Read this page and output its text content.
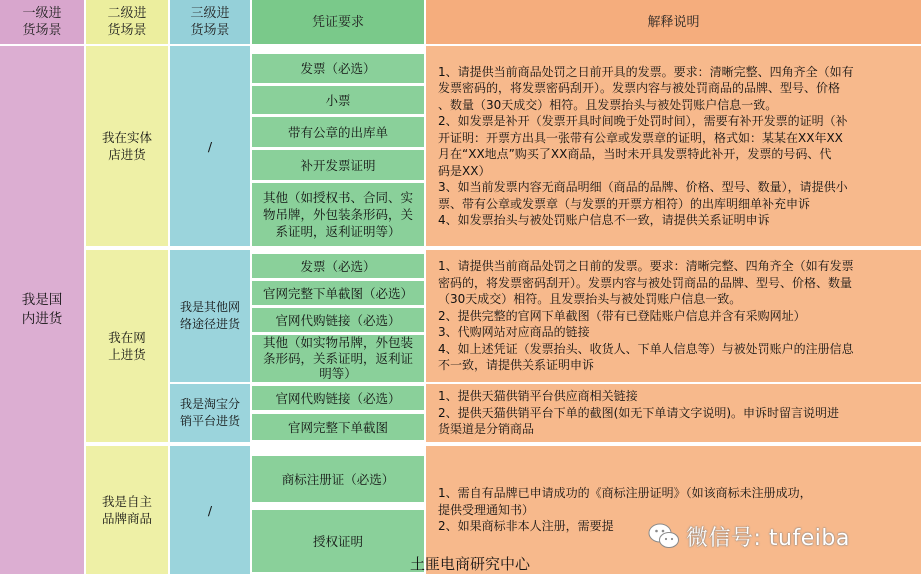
一级进
货场景
二级进
货场景
三级进
货场景
凭证要求	解释说明
我是国
内进货
我在实体
店进货
/
发票（必选）
小票
带有公章的出库单
补开发票证明
其他（如授权书、合同、实
物吊牌，外包装条形码，关
系证明，返利证明等）
1、请提供当前商品处罚之日前开具的发票。要求：清晰完整、四角齐全（如有
发票密码的，将发票密码刮开）。发票内容与被处罚商品的品牌、型号、价格
、数量（30天成交）相符。且发票抬头与被处罚账户信息一致。
2、如发票是补开（发票开具时间晚于处罚时间），需要有补开发票的证明（补
开证明：开票方出具一张带有公章或发票章的证明，格式如：某某在XX年XX
月在“XX地点”购买了XX商品，当时未开具发票特此补开，发票的号码、代
码是XX）
3、如当前发票内容无商品明细（商品的品牌、价格、型号、数量），请提供小
票、带有公章或发票章（与发票的开票方相符）的出库明细单补充申诉
4、如发票抬头与被处罚账户信息不一致，请提供关系证明申诉
我在网
上进货
我是其他网
络途径进货
我是淘宝分
销平台进货
发票（必选）
官网完整下单截图（必选）
官网代购链接（必选）
其他（如实物吊牌，外包装
条形码，关系证明，返利证
明等）
官网代购链接（必选）
官网完整下单截图
1、请提供当前商品处罚之日前的发票。要求：清晰完整、四角齐全（如有发票
密码的，将发票密码刮开）。发票内容与被处罚商品的品牌、型号、价格、数量
（30天成交）相符。且发票抬头与被处罚账户信息一致。
2、提供完整的官网下单截图（带有已登陆账户信息并含有采购网址）
3、代购网站对应商品的链接
4、如上述凭证（发票抬头、收货人、下单人信息等）与被处罚账户的注册信息
不一致，请提供关系证明申诉
1、提供天猫供销平台供应商相关链接
2、提供天猫供销平台下单的截图(如无下单请文字说明)。申诉时留言说明进
货渠道是分销商品
我是自主
品牌商品
/
商标注册证（必选）
授权证明
1、需自有品牌已申请成功的《商标注册证明》（如该商标未注册成功，
提供受理通知书）
2、如果商标非本人注册，需要提	微信号: tufeiba
土匪电商研究中心
